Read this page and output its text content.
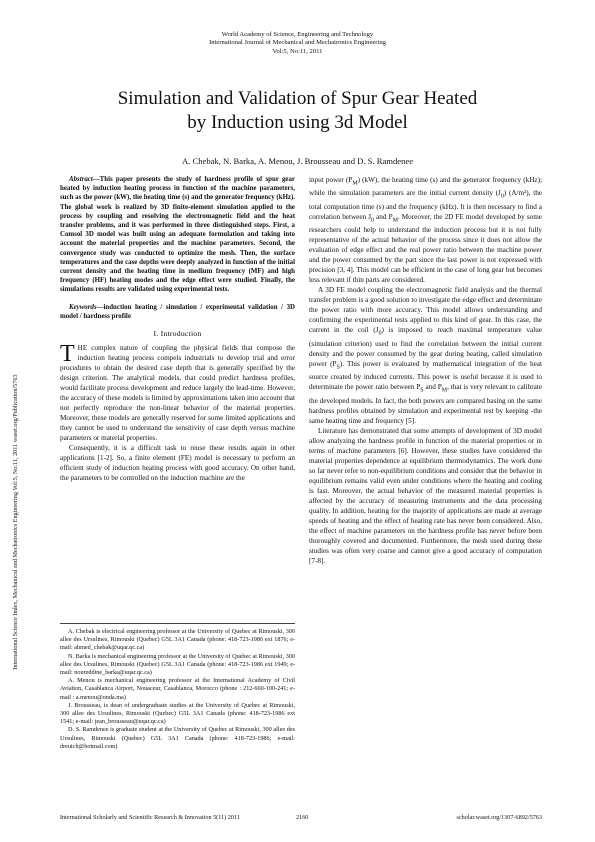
World Academy of Science, Engineering and Technology
International Journal of Mechanical and Mechatronics Engineering
Vol:5, No:11, 2011
International Science Index, Mechanical and Mechatronics Engineering Vol:5, No:11, 2011 waset.org/Publication/5763
Simulation and Validation of Spur Gear Heated
by Induction using 3d Model
A. Chebak, N. Barka, A. Menou, J. Brousseau and D. S. Ramdenee

Abstract—This paper presents the study of hardness profile of spur gear heated by induction heating process in function of the machine parameters, such as the power (kW), the heating time (s) and the generator frequency (kHz). The global work is realized by 3D finite-element simulation applied to the process by coupling and resolving the electromagnetic field and the heat transfer problems, and it was performed in three distinguished steps. First, a Comsol 3D model was built using an adequate formulation and taking into account the material properties and the machine parameters. Second, the convergence study was conducted to optimize the mesh. Then, the surface temperatures and the case depths were deeply analyzed in function of the initial current density and the heating time in medium frequency (MF) and high frequency (HF) heating modes and the edge effect were studied. Finally, the simulations results are validated using experimental tests.

Keywords—induction heating / simulation / experimental validation / 3D model / hardness profile

I. Introduction

THE complex nature of coupling the physical fields that compose the induction heating process compels industrials to develop trial and error procedures to obtain the desired case depth that is generally specified by the design criterion. The analytical models, that could predict hardness profiles, would facilitate process development and reduce largely the lead-time. However, the accuracy of these models is limited by approximations taken into account that not perfectly reproduce the non-linear behavior of the material properties. Moreover, these models are generally reserved for some limited applications and they cannot be used to understand the sensitivity of case depth versus machine parameters or material properties.

Consequently, it is a difficult task to reuse these results again in other applications [1-2]. So, a finite element (FE) model is necessary to perform an efficient study of induction heating process with good accuracy. On other hand, the parameters to be controlled on the induction machine are the

A. Chebak is electrical engineering professor at the University of Quebec at Rimouski, 300 allee des Ursulines, Rimouski (Quebec) G5L 3A1 Canada (phone: 418-723-1986 ext 1876; e-mail: ahmed_chebak@uqar.qc.ca)

N. Barka is mechanical engineering professor at the University of Quebec at Rimouski, 300 allee des Ursulines, Rimouski (Quebec) G5L 3A1 Canada (phone: 418-723-1986 ext 1949; e-mail: noureddine_barka@uqar.qc.ca)

A. Menou is mechanical engineering professor at the International Academy of Civil Aviation, Casablanca Airport, Nouaceur, Casablanca, Morocco (phone : 212-660-100-241; e-mail : a.menou@onda.ma)

J. Brousseau, is dean of undergraduate studies at the University of Quebec at Rimouski, 300 allee des Ursulines, Rimouski (Quebec) G5L 3A1 Canada (phone: 418-723-1986 ext 1541; e-mail: jean_brousseau@uqar.qc.ca)

D. S. Ramdenee is graduate student at the University of Quebec at Rimouski, 300 allee des Ursulines, Rimouski (Quebec) G5L 3A1 Canada (phone: 418-723-1986; e-mail: dreutch@hotmail.com)

input power $(P_M)$ (kW), the heating time (s) and the generator frequency (kHz); while the simulation parameters are the initial current density $(J_0)$ (A/m²), the total computation time (s) and the frequency (kHz). It is then necessary to find a correlation between $J_0$ and $P_M$. Moreover, the 2D FE model developed by some researchers could help to understand the induction process but it is not fully representative of the actual behavior of the process since it does not allow the evaluation of edge effect and the real power ratio between the machine power and the power consumed by the part since the last power is not expressed with precision [3, 4]. This model can be efficient in the case of long gear but becomes less relevant if thin parts are considered.

A 3D FE model coupling the electromagnetic field analysis and the thermal transfer problem is a good solution to investigate the edge effect and determinate the power ratio with more accuracy. This model allows understanding and confirming the experimental tests applied to this kind of gear. In this case, the current in the coil $(J_0)$ is imposed to reach maximal temperature value (simulation criterion) used to find the correlation between the initial current density and the power consumed by the gear during heating, called simulation power $(P_S)$. This power is evaluated by mathematical integration of the heat source created by induced currents. This power is useful because it is used to determinate the power ratio between $P_S$ and $P_M$, that is very relevant to calibrate the developed models. In fact, the both powers are compared basing on the same hardness profiles obtained by simulation and experimental test by keeping -the same heating time and frequency [5].

Literature has demonstrated that some attempts of development of 3D model allow analyzing the hardness profile in function of the material properties or in terms of machine parameters [6]. However, these studies have considered the material properties dependence at equilibrium thermodynamics. The work done so far never refer to non-equilibrium conditions and consider that the behavior in equilibrium remains valid even under conditions where the heating and cooling is fast. Moreover, the actual behavior of the measured material properties is affected by the accuracy of measuring instruments and the data processing quality. In addition, heating for the majority of applications are made at average speeds of heating and the effect of heating rate has never been considered. Also, the effect of machine parameters on the hardness profile has never before been thoroughly covered and documented. Furthermore, the mesh used during these studies was often very coarse and cannot give a good accuracy of computation [7-8].

International Scholarly and Scientific Research & Innovation 5(11) 2011	2160	scholar.waset.org/1307-6892/5763
